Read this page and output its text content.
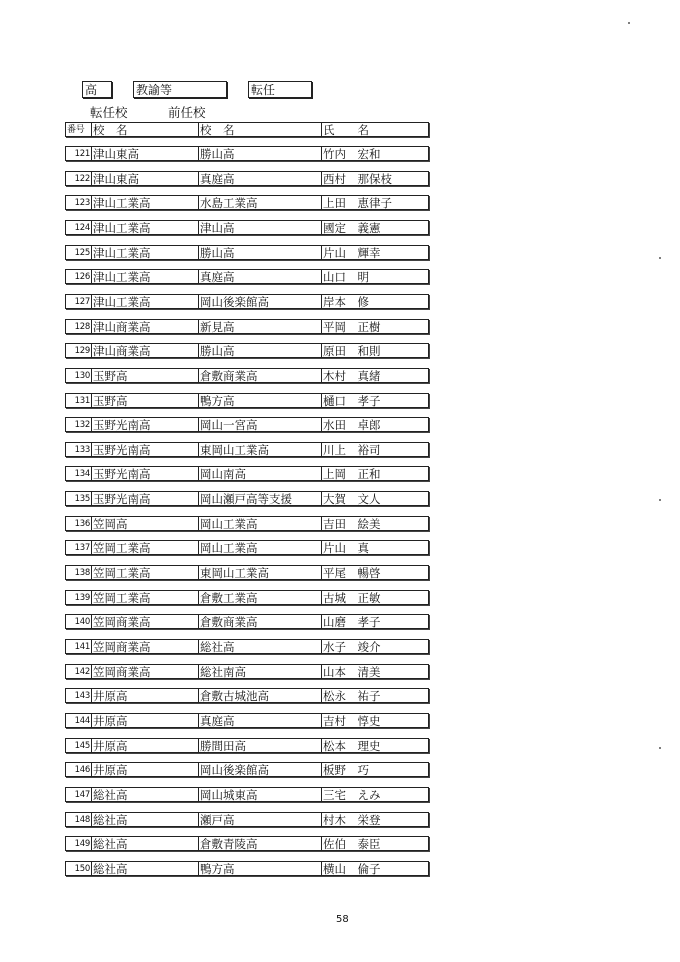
高	教諭等	転任
転任校	前任校
番号 校　名	校　名	氏　　名
121 津山東高	勝山高	竹内　宏和
122 津山東高	真庭高	西村　那保枝
123 津山工業高	水島工業高	上田　恵律子
124 津山工業高	津山高	國定　義憲
125 津山工業高	勝山高	片山　輝幸
126 津山工業高	真庭高	山口　明
127 津山工業高	岡山後楽館高	岸本　修
128 津山商業高	新見高	平岡　正樹
129 津山商業高	勝山高	原田　和則
130 玉野高	倉敷商業高	木村　真緒
131 玉野高	鴨方高	樋口　孝子
132 玉野光南高	岡山一宮高	水田　卓郎
133 玉野光南高	東岡山工業高	川上　裕司
134 玉野光南高	岡山南高	上岡　正和
135 玉野光南高	岡山瀬戸高等支援	大賀　文人
136 笠岡高	岡山工業高	吉田　絵美
137 笠岡工業高	岡山工業高	片山　真
138 笠岡工業高	東岡山工業高	平尾　暢啓
139 笠岡工業高	倉敷工業高	古城　正敏
140 笠岡商業高	倉敷商業高	山磨　孝子
141 笠岡商業高	総社高	水子　竣介
142 笠岡商業高	総社南高	山本　清美
143 井原高	倉敷古城池高	松永　祐子
144 井原高	真庭高	吉村　惇史
145 井原高	勝間田高	松本　理史
146 井原高	岡山後楽館高	板野　巧
147 総社高	岡山城東高	三宅　えみ
148 総社高	瀬戸高	村木　栄登
149 総社高	倉敷青陵高	佐伯　泰臣
150 総社高	鴨方高	横山　倫子
58
